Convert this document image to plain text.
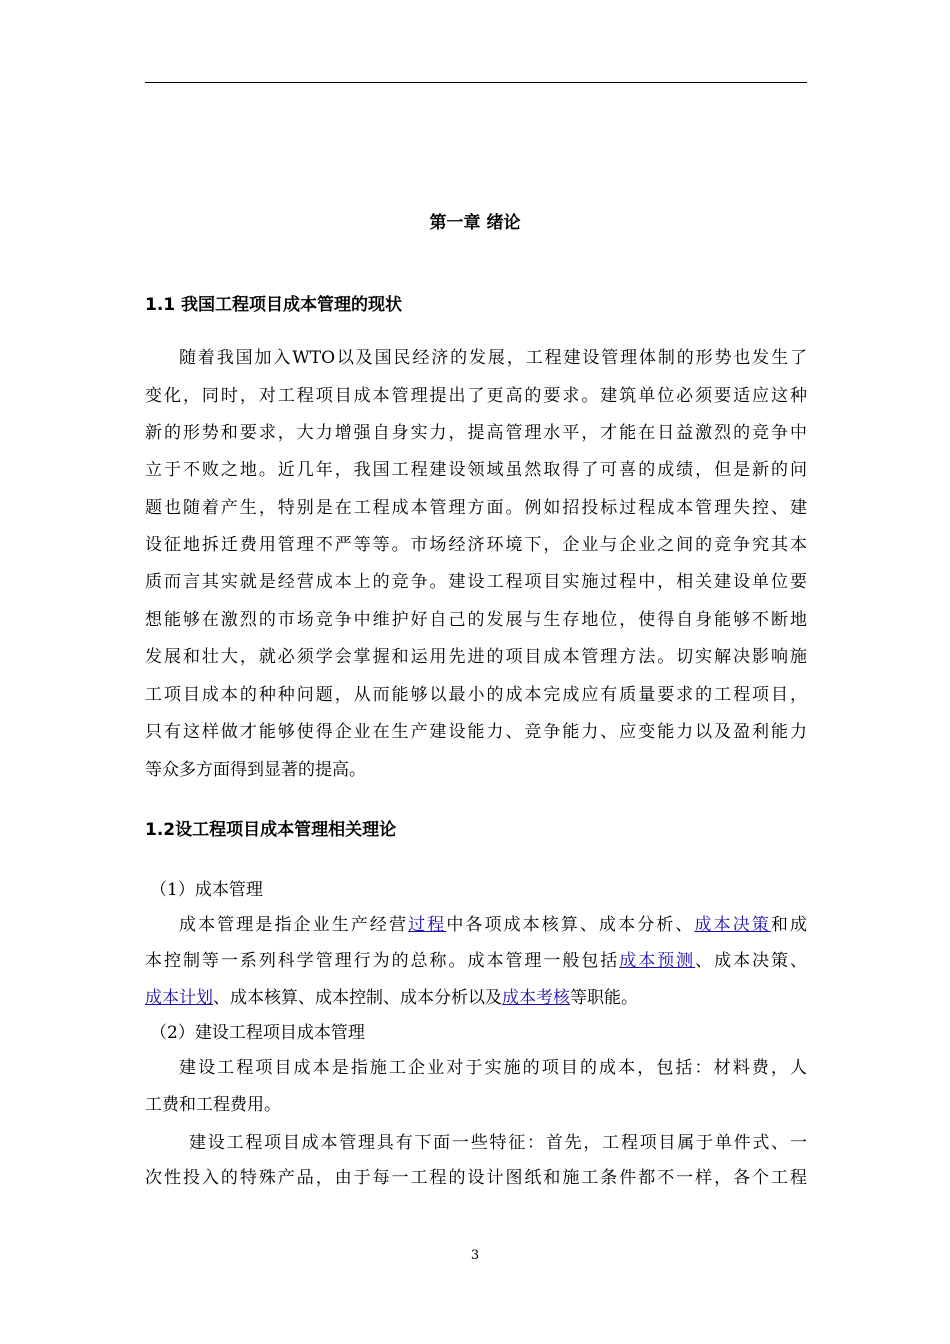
第一章 绪论
1.1 我国工程项目成本管理的现状
随着我国加入WTO以及国民经济的发展，工程建设管理体制的形势也发生了
变化，同时，对工程项目成本管理提出了更高的要求。建筑单位必须要适应这种
新的形势和要求，大力增强自身实力，提高管理水平，才能在日益激烈的竞争中
立于不败之地。近几年，我国工程建设领域虽然取得了可喜的成绩，但是新的问
题也随着产生，特别是在工程成本管理方面。例如招投标过程成本管理失控、建
设征地拆迁费用管理不严等等。市场经济环境下，企业与企业之间的竞争究其本
质而言其实就是经营成本上的竞争。建设工程项目实施过程中，相关建设单位要
想能够在激烈的市场竞争中维护好自己的发展与生存地位，使得自身能够不断地
发展和壮大，就必须学会掌握和运用先进的项目成本管理方法。切实解决影响施
工项目成本的种种问题，从而能够以最小的成本完成应有质量要求的工程项目，
只有这样做才能够使得企业在生产建设能力、竞争能力、应变能力以及盈利能力
等众多方面得到显著的提高。
1.2设工程项目成本管理相关理论
（1）成本管理
成本管理是指企业生产经营过程中各项成本核算、成本分析、成本决策和成
本控制等一系列科学管理行为的总称。成本管理一般包括成本预测、成本决策、
成本计划、成本核算、成本控制、成本分析以及成本考核等职能。
（2）建设工程项目成本管理
建设工程项目成本是指施工企业对于实施的项目的成本，包括：材料费，人
工费和工程费用。
建设工程项目成本管理具有下面一些特征：首先，工程项目属于单件式、一
次性投入的特殊产品，由于每一工程的设计图纸和施工条件都不一样，各个工程
3
